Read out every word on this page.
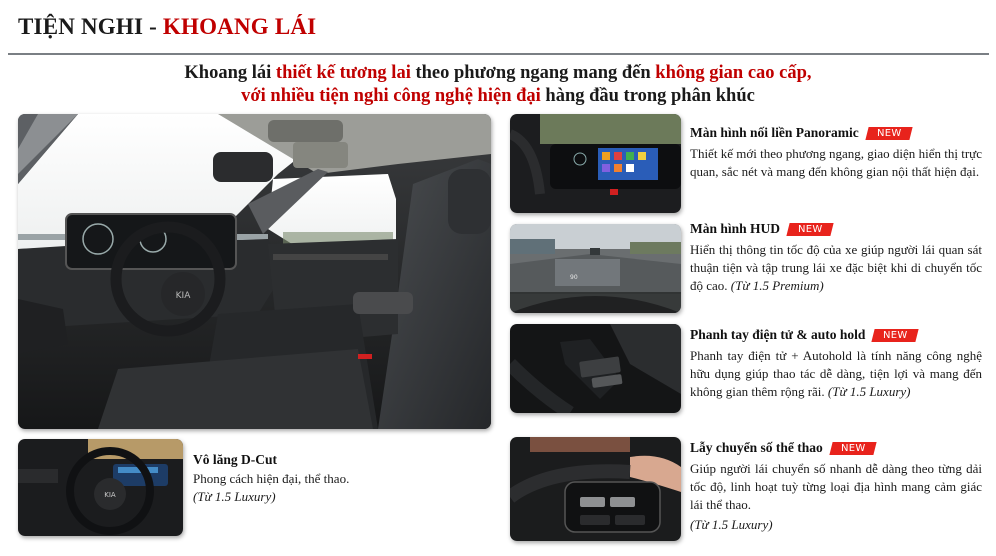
TIỆN NGHI - KHOANG LÁI
Khoang lái thiết kế tương lai theo phương ngang mang đến không gian cao cấp,
với nhiều tiện nghi công nghệ hiện đại hàng đầu trong phân khúc
KIA
KIA
Vô lăng D-Cut
Phong cách hiện đại, thể thao.
(Từ 1.5 Luxury)
Màn hình nối liền Panoramic	NEW
Thiết kế mới theo phương ngang, giao diện hiển thị trực quan, sắc nét và mang đến không gian nội thất hiện đại.
90
Màn hình HUD	NEW
Hiển thị thông tin tốc độ của xe giúp người lái quan sát thuận tiện và tập trung lái xe đặc biệt khi di chuyển tốc độ cao. (Từ 1.5 Premium)
Phanh tay điện tử & auto hold	NEW
Phanh tay điện tử + Autohold là tính năng công nghệ hữu dụng giúp thao tác dễ dàng, tiện lợi và mang đến không gian thêm rộng rãi. (Từ 1.5 Luxury)
Lẫy chuyển số thể thao	NEW
Giúp người lái chuyển số nhanh dễ dàng theo từng dải tốc độ, linh hoạt tuỳ từng loại địa hình mang cảm giác lái thể thao.
(Từ 1.5 Luxury)
